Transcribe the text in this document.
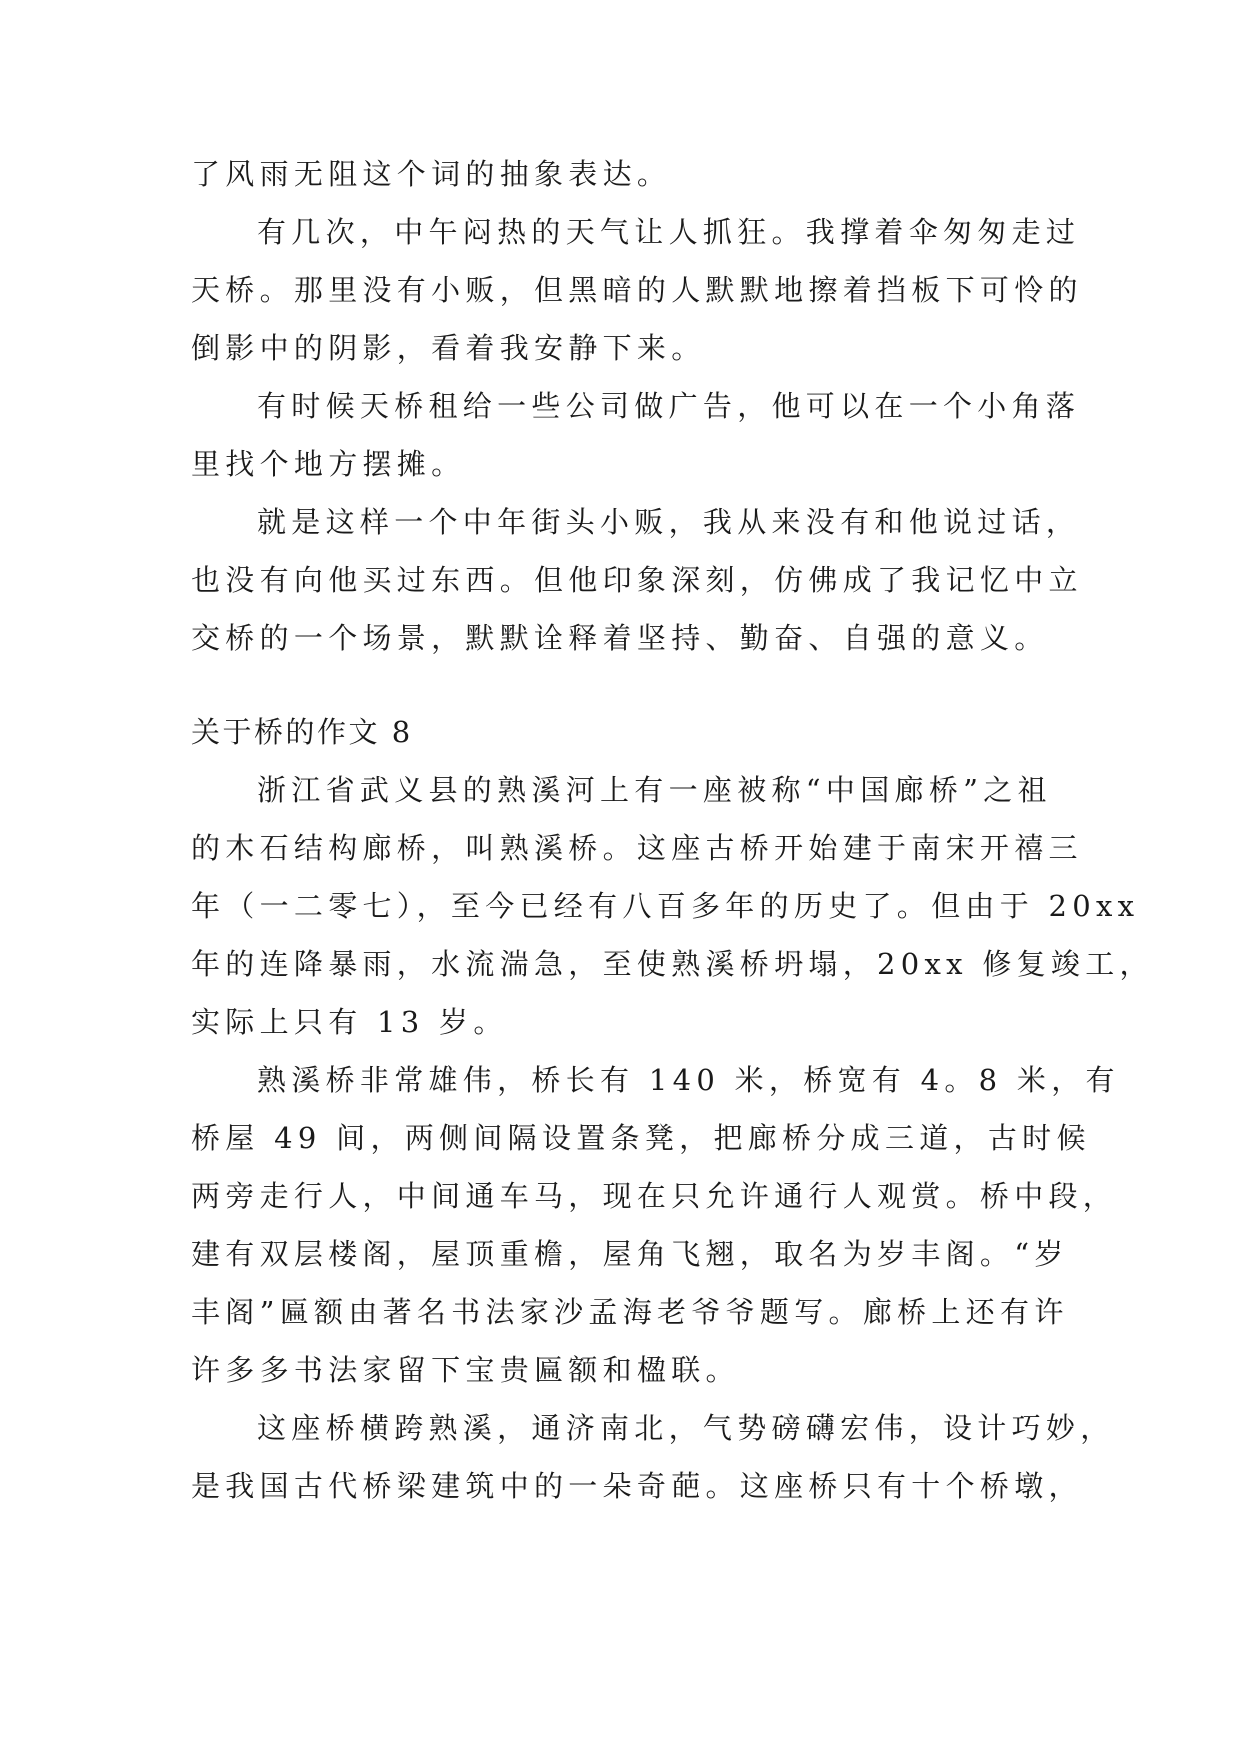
了风雨无阻这个词的抽象表达。
有几次，中午闷热的天气让人抓狂。我撑着伞匆匆走过
天桥。那里没有小贩，但黑暗的人默默地擦着挡板下可怜的
倒影中的阴影，看着我安静下来。
有时候天桥租给一些公司做广告，他可以在一个小角落
里找个地方摆摊。
就是这样一个中年街头小贩，我从来没有和他说过话，
也没有向他买过东西。但他印象深刻，仿佛成了我记忆中立
交桥的一个场景，默默诠释着坚持、勤奋、自强的意义。
关于桥的作文 8
浙江省武义县的熟溪河上有一座被称“中国廊桥”之祖
的木石结构廊桥，叫熟溪桥。这座古桥开始建于南宋开禧三
年（一二零七），至今已经有八百多年的历史了。但由于 20xx
年的连降暴雨，水流湍急，至使熟溪桥坍塌，20xx 修复竣工，
实际上只有 13 岁。
熟溪桥非常雄伟，桥长有 140 米，桥宽有 4。8 米，有
桥屋 49 间，两侧间隔设置条凳，把廊桥分成三道，古时候
两旁走行人，中间通车马，现在只允许通行人观赏。桥中段，
建有双层楼阁，屋顶重檐，屋角飞翘，取名为岁丰阁。“岁
丰阁”匾额由著名书法家沙孟海老爷爷题写。廊桥上还有许
许多多书法家留下宝贵匾额和楹联。
这座桥横跨熟溪，通济南北，气势磅礴宏伟，设计巧妙，
是我国古代桥梁建筑中的一朵奇葩。这座桥只有十个桥墩，
